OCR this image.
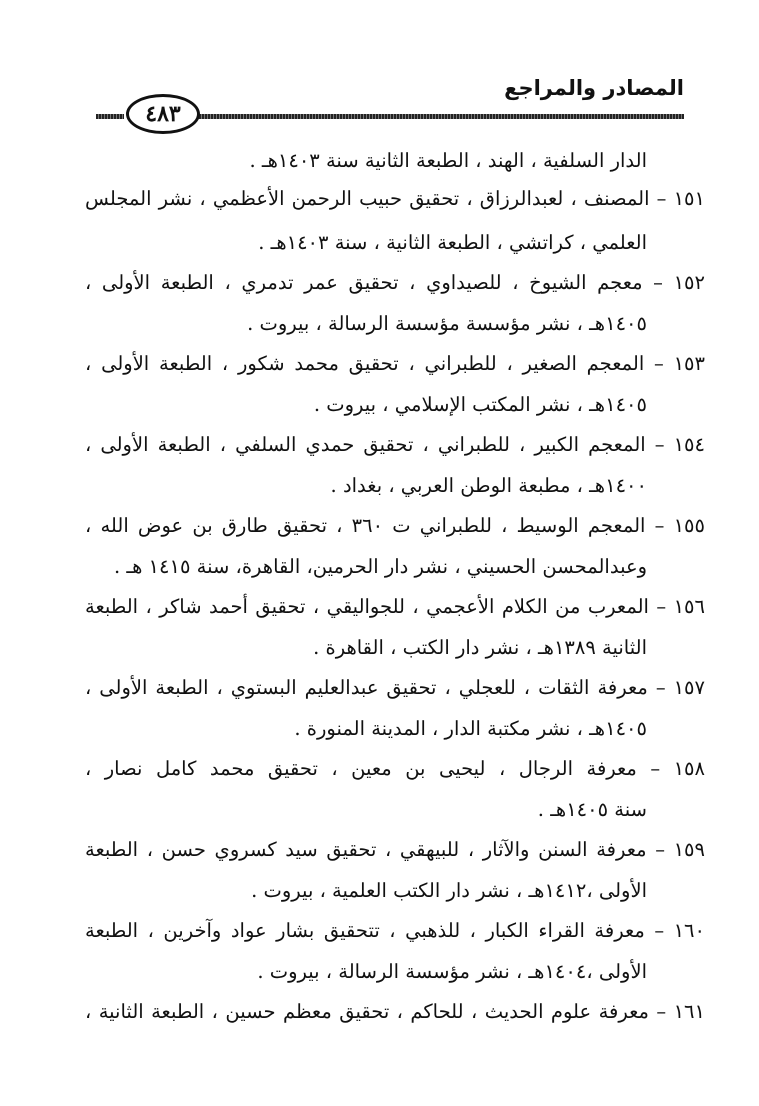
المصادر والمراجع
٤٨٣
الدار السلفية ، الهند ، الطبعة الثانية سنة ١٤٠٣هـ .
١٥١ – المصنف ، لعبدالرزاق ، تحقيق حبيب الرحمن الأعظمي ، نشر المجلس
العلمي ، كراتشي ، الطبعة الثانية ، سنة ١٤٠٣هـ .
١٥٢ – معجم الشيوخ ، للصيداوي ، تحقيق عمر تدمري ، الطبعة الأولى ،
١٤٠٥هـ ، نشر مؤسسة مؤسسة الرسالة ، بيروت .
١٥٣ – المعجم الصغير ، للطبراني ، تحقيق محمد شكور ، الطبعة الأولى ،
١٤٠٥هـ ، نشر المكتب الإسلامي ، بيروت .
١٥٤ – المعجم الكبير ، للطبراني ، تحقيق حمدي السلفي ، الطبعة الأولى ،
١٤٠٠هـ ، مطبعة الوطن العربي ، بغداد .
١٥٥ – المعجم الوسيط ، للطبراني ت ٣٦٠ ، تحقيق طارق بن عوض الله ،
وعبدالمحسن الحسيني ، نشر دار الحرمين، القاهرة، سنة ١٤١٥ هـ .
١٥٦ – المعرب من الكلام الأعجمي ، للجواليقي ، تحقيق أحمد شاكر ، الطبعة
الثانية ١٣٨٩هـ ، نشر دار الكتب ، القاهرة .
١٥٧ – معرفة الثقات ، للعجلي ، تحقيق عبدالعليم البستوي ، الطبعة الأولى ،
١٤٠٥هـ ، نشر مكتبة الدار ، المدينة المنورة .
١٥٨ – معرفة الرجال ، ليحيى بن معين ، تحقيق محمد كامل نصار ،
سنة ١٤٠٥هـ .
١٥٩ – معرفة السنن والآثار ، للبيهقي ، تحقيق سيد كسروي حسن ، الطبعة
الأولى ،١٤١٢هـ ، نشر دار الكتب العلمية ، بيروت .
١٦٠ – معرفة القراء الكبار ، للذهبي ، تتحقيق بشار عواد وآخرين ، الطبعة
الأولى ،١٤٠٤هـ ، نشر مؤسسة الرسالة ، بيروت .
١٦١ – معرفة علوم الحديث ، للحاكم ، تحقيق معظم حسين ، الطبعة الثانية ،
